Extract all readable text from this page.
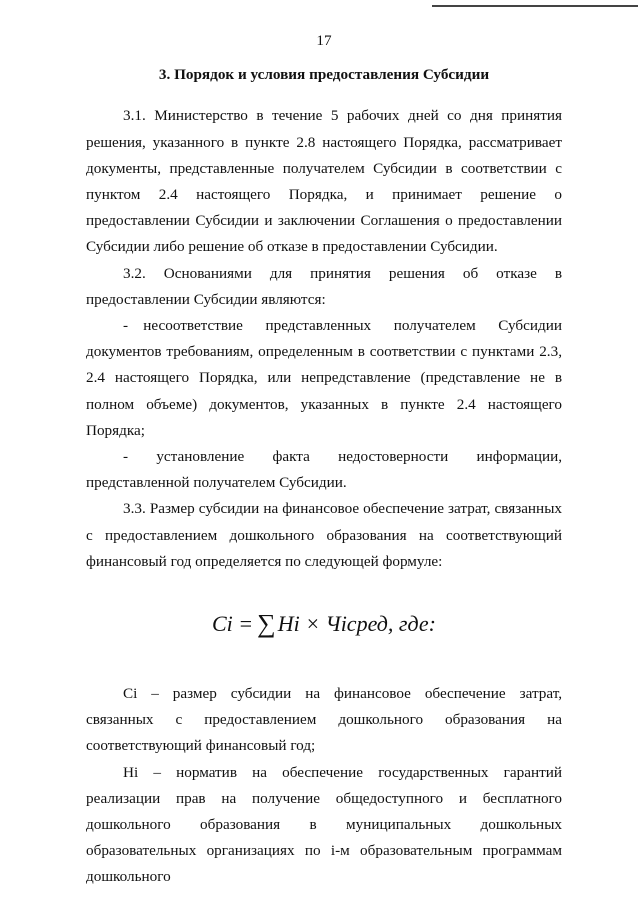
17
3. Порядок и условия предоставления Субсидии

3.1. Министерство в течение 5 рабочих дней со дня принятия решения, указанного в пункте 2.8 настоящего Порядка, рассматривает документы, представленные получателем Субсидии в соответствии с пунктом 2.4 настоящего Порядка, и принимает решение о предоставлении Субсидии и заключении Соглашения о предоставлении Субсидии либо решение об отказе в предоставлении Субсидии.

3.2. Основаниями для принятия решения об отказе в предоставлении Субсидии являются:

- несоответствие представленных получателем Субсидии документов требованиям, определенным в соответствии с пунктами 2.3, 2.4 настоящего Порядка, или непредставление (представление не в полном объеме) документов, указанных в пункте 2.4 настоящего Порядка;

- установление факта недостоверности информации, представленной получателем Субсидии.

3.3. Размер субсидии на финансовое обеспечение затрат, связанных с предоставлением дошкольного образования на соответствующий финансовый год определяется по следующей формуле:

Ci = ∑ Hi × Чiсред, где:

Ci – размер субсидии на финансовое обеспечение затрат, связанных с предоставлением дошкольного образования на соответствующий финансовый год;

Hi – норматив на обеспечение государственных гарантий реализации прав на получение общедоступного и бесплатного дошкольного образования в муниципальных дошкольных образовательных организациях по i-м образовательным программам дошкольного
